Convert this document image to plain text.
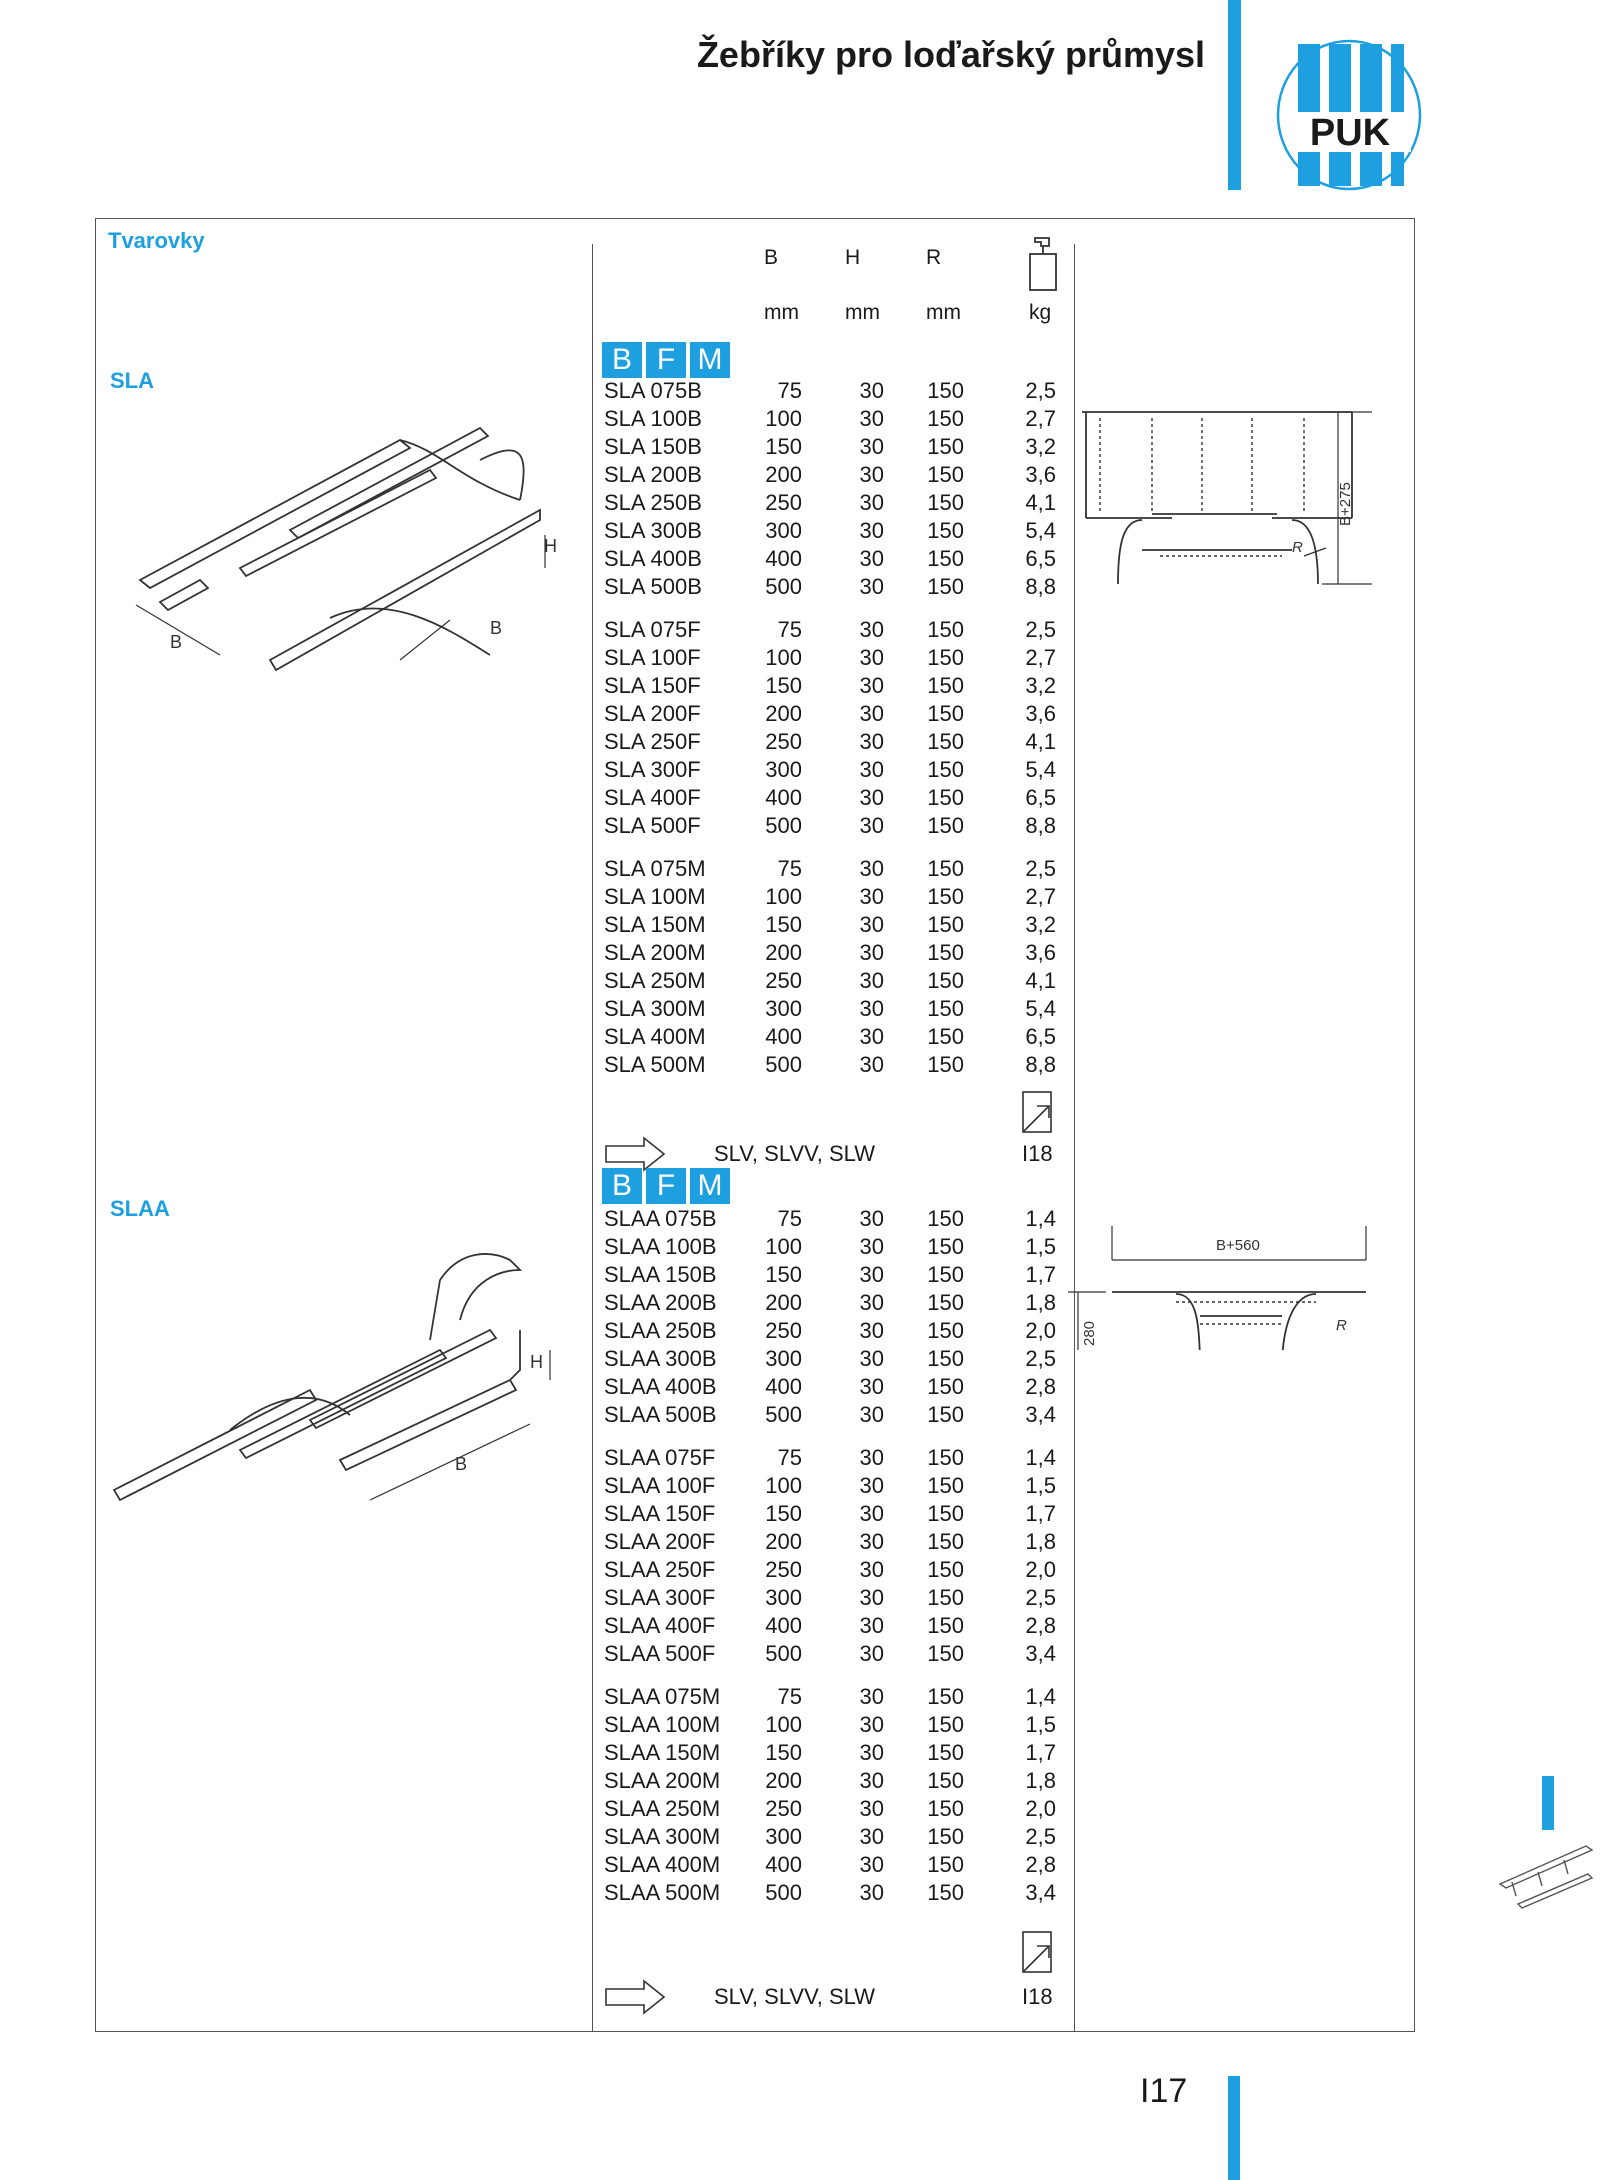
Žebříky pro loďařský průmysl
PUK
Tvarovky
B	H	R
mm mm mm	kg
SLA
B F M
SLA 075B	75	30	150	2,5
SLA 100B	100	30	150	2,7
SLA 150B	150	30	150	3,2
SLA 200B	200	30	150	3,6
SLA 250B	250	30	150	4,1
SLA 300B	300	30	150	5,4
SLA 400B	400	30	150	6,5
SLA 500B	500	30	150	8,8
SLA 075F	75	30	150	2,5
SLA 100F	100	30	150	2,7
SLA 150F	150	30	150	3,2
SLA 200F	200	30	150	3,6
SLA 250F	250	30	150	4,1
SLA 300F	300	30	150	5,4
SLA 400F	400	30	150	6,5
SLA 500F	500	30	150	8,8
SLA 075M	75	30	150	2,5
SLA 100M	100	30	150	2,7
SLA 150M	150	30	150	3,2
SLA 200M	200	30	150	3,6
SLA 250M	250	30	150	4,1
SLA 300M	300	30	150	5,4
SLA 400M	400	30	150	6,5
SLA 500M	500	30	150	8,8
SLV, SLVV, SLW	I18
B
B
H
B+275
R
SLAA
B F M
SLAA 075B	75	30	150	1,4
SLAA 100B	100	30	150	1,5
SLAA 150B	150	30	150	1,7
SLAA 200B	200	30	150	1,8
SLAA 250B	250	30	150	2,0
SLAA 300B	300	30	150	2,5
SLAA 400B	400	30	150	2,8
SLAA 500B	500	30	150	3,4
SLAA 075F	75	30	150	1,4
SLAA 100F	100	30	150	1,5
SLAA 150F	150	30	150	1,7
SLAA 200F	200	30	150	1,8
SLAA 250F	250	30	150	2,0
SLAA 300F	300	30	150	2,5
SLAA 400F	400	30	150	2,8
SLAA 500F	500	30	150	3,4
SLAA 075M	75	30	150	1,4
SLAA 100M	100	30	150	1,5
SLAA 150M	150	30	150	1,7
SLAA 200M	200	30	150	1,8
SLAA 250M	250	30	150	2,0
SLAA 300M	300	30	150	2,5
SLAA 400M	400	30	150	2,8
SLAA 500M	500	30	150	3,4
SLV, SLVV, SLW	I18
B
H
B+560
280	R
I17
